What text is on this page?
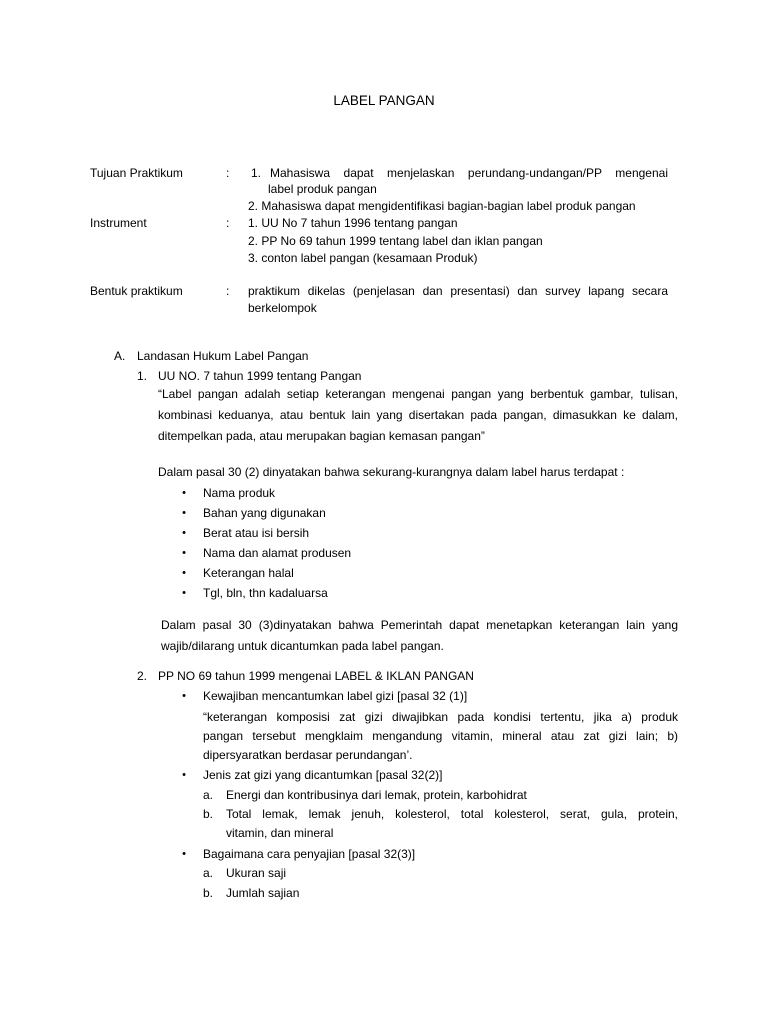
LABEL PANGAN
Tujuan Praktikum	: 1. Mahasiswa dapat menjelaskan perundang-undangan/PP mengenai
label produk pangan
2. Mahasiswa dapat mengidentifikasi bagian-bagian label produk pangan
Instrument	: 1. UU No 7 tahun 1996 tentang pangan
2. PP No 69 tahun 1999 tentang label dan iklan pangan
3. conton label pangan (kesamaan Produk)
Bentuk praktikum	: praktikum dikelas (penjelasan dan presentasi) dan survey lapang secara
berkelompok
A. Landasan Hukum Label Pangan
1. UU NO. 7 tahun 1999 tentang Pangan
“Label pangan adalah setiap keterangan mengenai pangan yang berbentuk gambar, tulisan,
kombinasi keduanya, atau bentuk lain yang disertakan pada pangan, dimasukkan ke dalam,
ditempelkan pada, atau merupakan bagian kemasan pangan”
Dalam pasal 30 (2) dinyatakan bahwa sekurang-kurangnya dalam label harus terdapat :
• Nama produk
• Bahan yang digunakan
• Berat atau isi bersih
• Nama dan alamat produsen
• Keterangan halal
• Tgl, bln, thn kadaluarsa
Dalam pasal 30 (3)dinyatakan bahwa Pemerintah dapat menetapkan keterangan lain yang
wajib/dilarang untuk dicantumkan pada label pangan.
2. PP NO 69 tahun 1999 mengenai LABEL & IKLAN PANGAN
• Kewajiban mencantumkan label gizi [pasal 32 (1)]
“keterangan komposisi zat gizi diwajibkan pada kondisi tertentu, jika a) produk
pangan tersebut mengklaim mengandung vitamin, mineral atau zat gizi lain; b)
dipersyaratkan berdasar perundangan’.
• Jenis zat gizi yang dicantumkan [pasal 32(2)]
a. Energi dan kontribusinya dari lemak, protein, karbohidrat
b. Total lemak, lemak jenuh, kolesterol, total kolesterol, serat, gula, protein,
vitamin, dan mineral
• Bagaimana cara penyajian [pasal 32(3)]
a. Ukuran saji
b. Jumlah sajian
